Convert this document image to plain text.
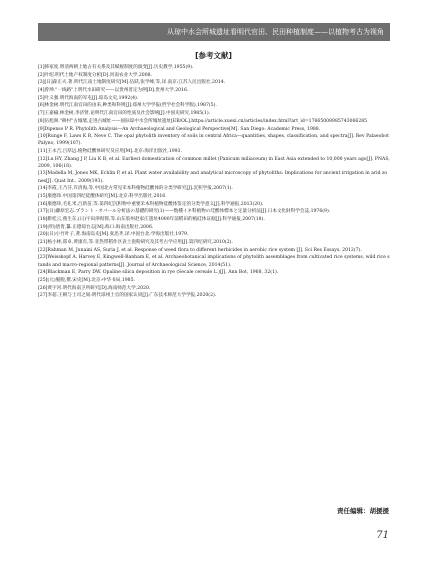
从琼中水会所城遗址看明代官田、民田种植制度——以植物考古为视角
[参考文献]
[1]韩家度.明清两朝上地占有关系及其赋税制度的演变[J].历史教学,1955(9).
[2]叶绍.明代土地产权制度分析[D].河南农业大学,2008.
[3][日]森正夫.著.明代江南土地制度研究[M].伍跃,张学峰,等,译.南京:江苏人民出版社,2014.
[4]曾坤."一线路"上明代水田研究——以贵州普定为例[D].贵州大学,2016.
[5]叶义强.明代海南的军屯[J].琼岛文史,1992(4).
[6]林金树.明代江南官田的由来,种类和科则[J].郑州大学学报(哲学社会科学版),1987(5).
[7]王嘉榆,林金树,李济贤.论明代江南官田的性质及社会影响[J].中国史研究,1985(1).
[8]伍旭洲."耕村"古城墙,走进古城址——国际琼中水会所城址遗址[EB/OL].https://article.xuexi.cn/articles/index.html?art_id=17665008985743066285
[9]Dipenso P R. Phytolith Analysis—An Archaeological and Geological Perspective[M]. San Diego: Academic Press, 1988.
[10]Runge F, Laws K R, Neve C. The opal phytolith inventory of soils in central Africa—quantities, shapes, classification, and spectra[J]. Rev Palaeobot Palyno, 1999(107).
[11]王永吉,吕厚远.植物硅酸体研究及应用[M].北京:海洋出版社,1993.
[12]Lu HY, Zhang J P, Liu K B, et al. Earliest domestication of common millet (Panicum miliaceum) in East Asia extended to 10,000 years ago[J]. PNAS, 2009, 106(18).
[13]Madella M, Jones MK, Echlin P, et al. Plant water availability and analytical microscopy of phytoliths: Implications for ancient irrigation in arid zones[J]. Quat Int., 2009(193).
[14]李霞,王乃芬,许清海,等.中国北方常见禾本科植物硅酸体的分类学研究[J].沉积学报,2007(1).
[15]康德珍.中国第四纪硅酸体研究[M].北京:科学出版社,2016.
[16]康德珍,毛礼米,吕新苗,等.第四纪沉积物中重要禾本科植物硅酸体鉴定的分类学意义[J].科学通报,2013(20).
[17](日)藤原宏志.プラント・オパール分析法の基礎的研究(1)——数種イネ科植物の珪酸体標本と定量分析法[J].日本文化財科学会誌,1976(9).
[18]靳桂云,燕生东,(日)宇田津彻郎,等.山东胶州赵家庄遗址4000年前稻田的植硅体证据[J].科学通报,2007(18).
[19](明)唐胄,纂.正德琼台志[M].海口:海南出版社,2006.
[20](日)小竹叶子,著.海南岛史[M].张迅齐,译.中国台北:学海出版社,1979.
[21]杨小林,郑卓,黄康有,等.亚热带稻作区表土孢粉研究及其考古学应用[J].第四纪研究,2010(2).
[22]Rahman M, Junaini AS, Suria J, et al. Response of weed flora to different herbicides in aerobic rice system [J]. Sci Res Essays, 2012(7).
[23]Weisskopf A, Harvey E, Kingwell-Banham E, et al. Archaeobotanical implications of phytolith assemblages from cultivated rice systems, wild rice stands and macro-regional patterns[J]. Journal of Archaeological Science, 2014(51).
[24]Blackman E, Parry DW. Opaline silica deposition in rye (Secale cereale L.)[J]. Ann Bot, 1968, 32(1).
[25](元)脱脱,撰.宋史[M].北京:中华书局,1985.
[26]黄宇河.明代海南卫所研究[D].海南师范大学,2020.
[27]李超.王朝与土司之间:明代琼州土官的国家认同[J].广东技术师范大学学报,2020(2).
责任编辑：胡援援
71
